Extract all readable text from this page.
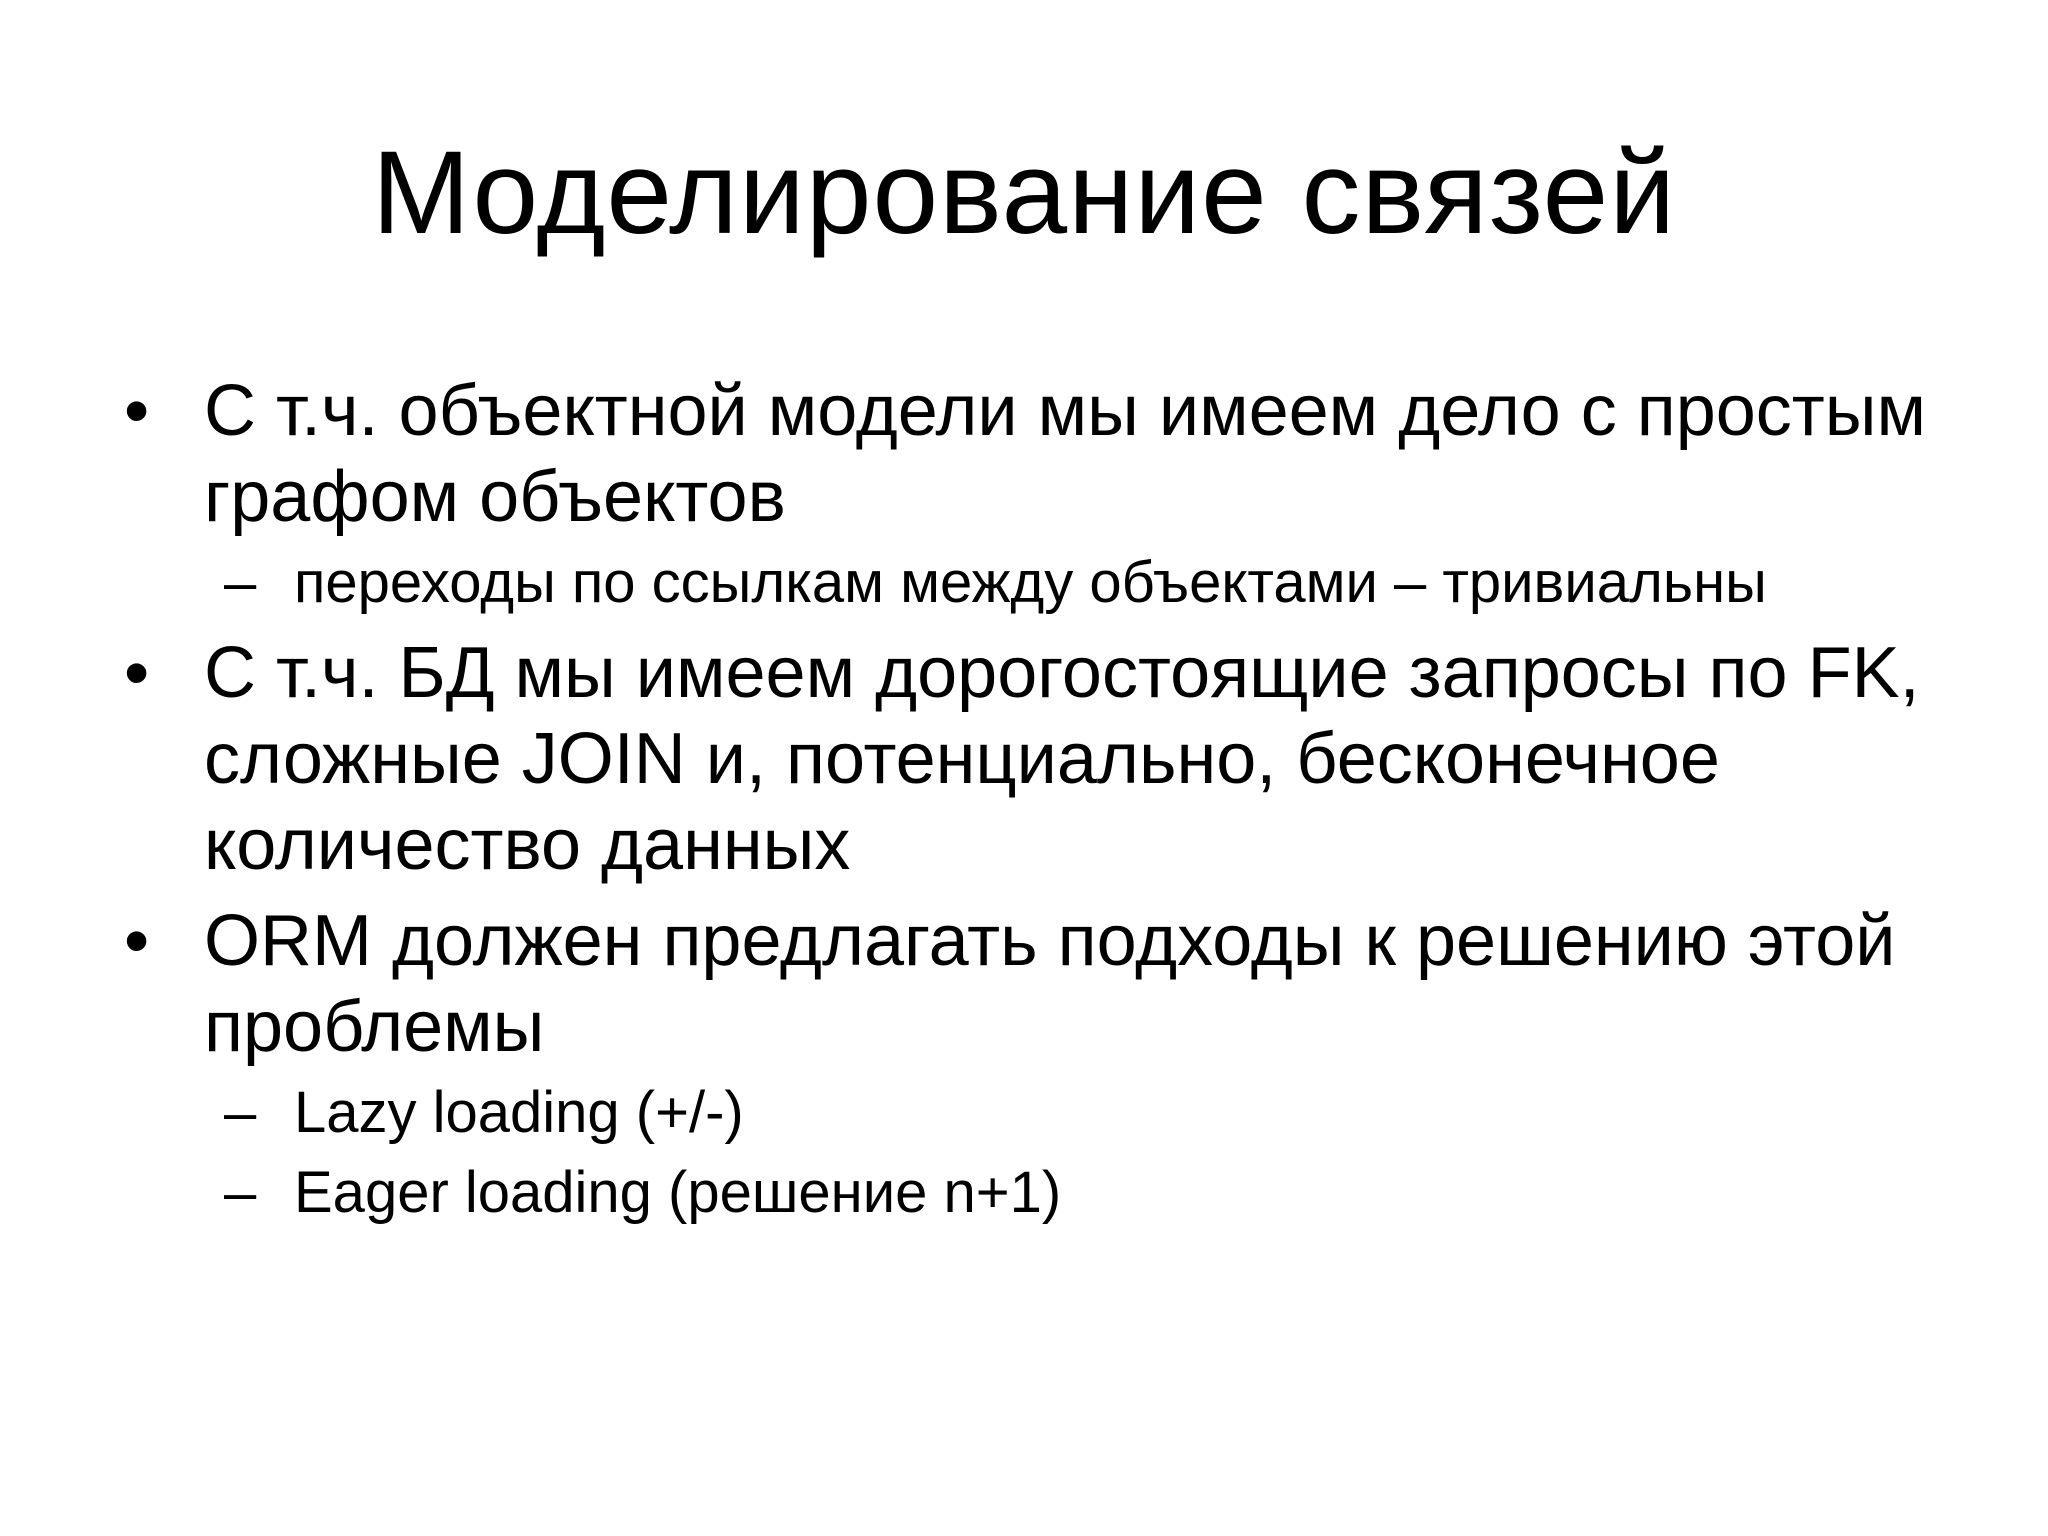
Моделирование связей
• С т.ч. объектной модели мы имеем дело с простым графом объектов
– переходы по ссылкам между объектами – тривиальны
• С т.ч. БД мы имеем дорогостоящие запросы по FK, сложные JOIN и, потенциально, бесконечное количество данных
• ORM должен предлагать подходы к решению этой проблемы
– Lazy loading (+/-)
– Eager loading (решение n+1)
